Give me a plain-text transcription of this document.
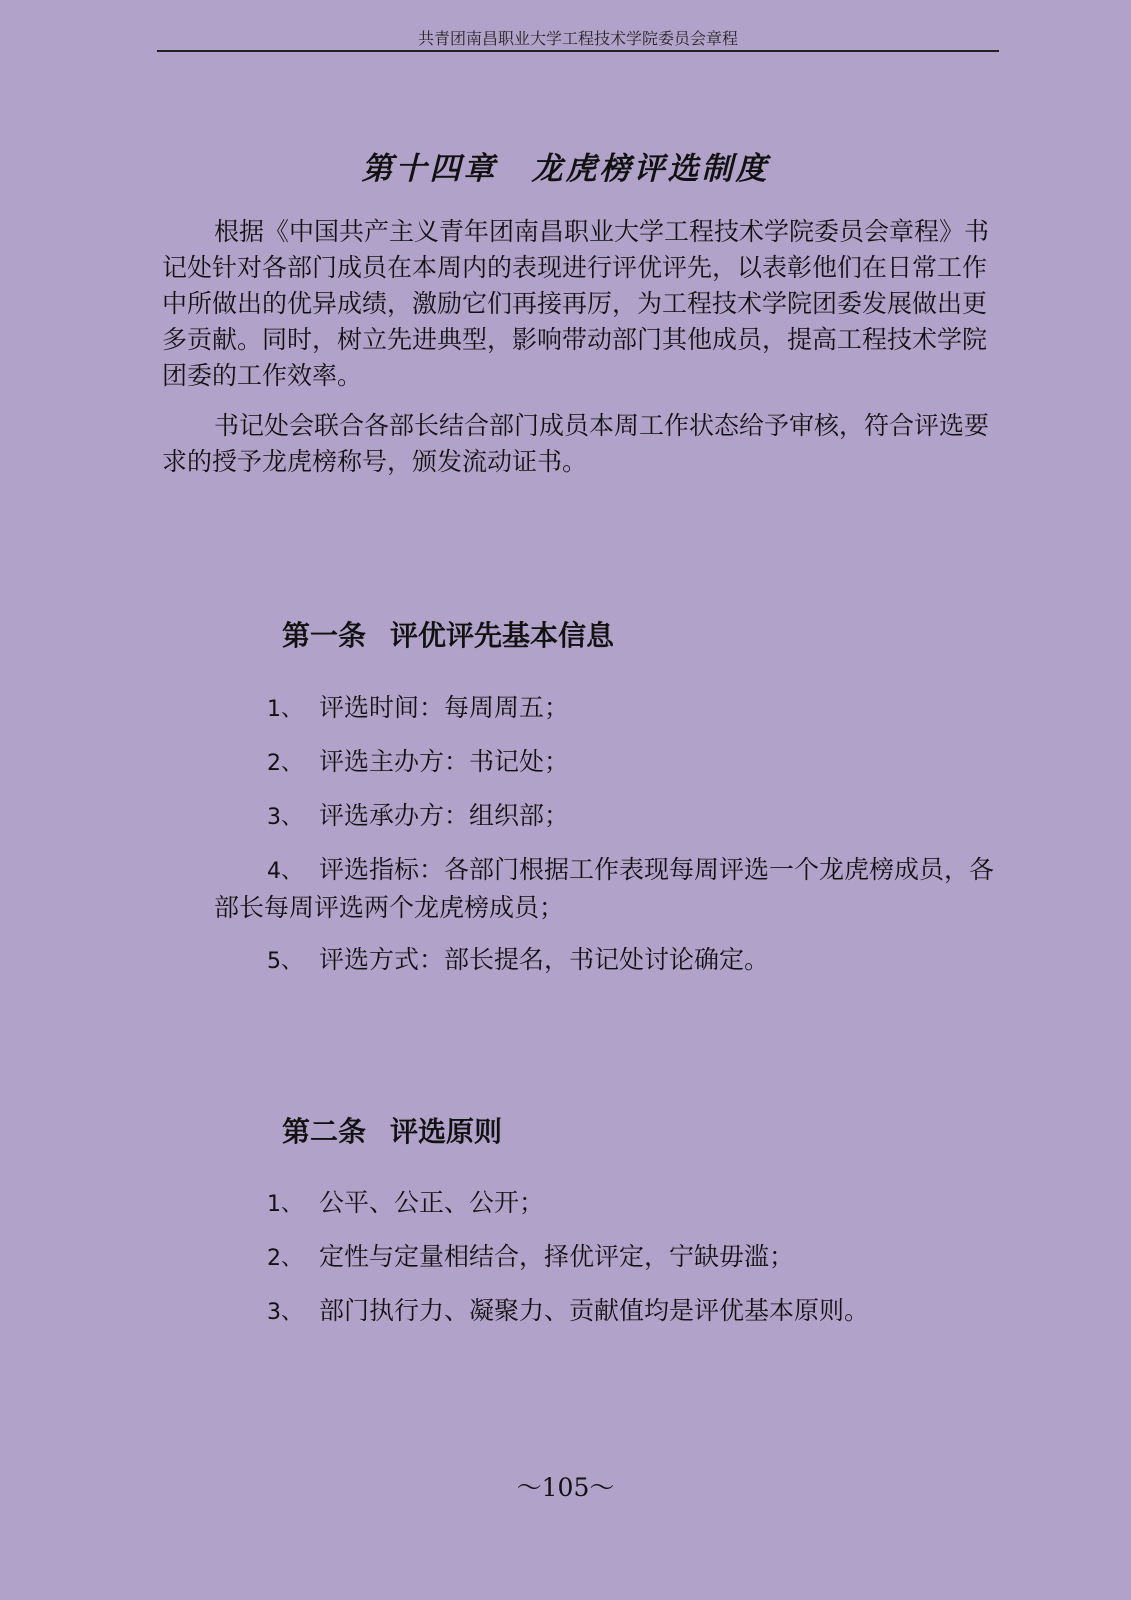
共青团南昌职业大学工程技术学院委员会章程
第十四章 龙虎榜评选制度

根据《中国共产主义青年团南昌职业大学工程技术学院委员会章程》书记处针对各部门成员在本周内的表现进行评优评先，以表彰他们在日常工作中所做出的优异成绩，激励它们再接再厉，为工程技术学院团委发展做出更多贡献。同时，树立先进典型，影响带动部门其他成员，提高工程技术学院团委的工作效率。

书记处会联合各部长结合部门成员本周工作状态给予审核，符合评选要求的授予龙虎榜称号，颁发流动证书。

第一条 评优评先基本信息
1、 评选时间：每周周五；
2、 评选主办方：书记处；
3、 评选承办方：组织部；
4、 评选指标：各部门根据工作表现每周评选一个龙虎榜成员，各部长每周评选两个龙虎榜成员；
5、 评选方式：部长提名，书记处讨论确定。
第二条 评选原则
1、 公平、公正、公开；
2、 定性与定量相结合，择优评定，宁缺毋滥；
3、 部门执行力、凝聚力、贡献值均是评优基本原则。
～105～
